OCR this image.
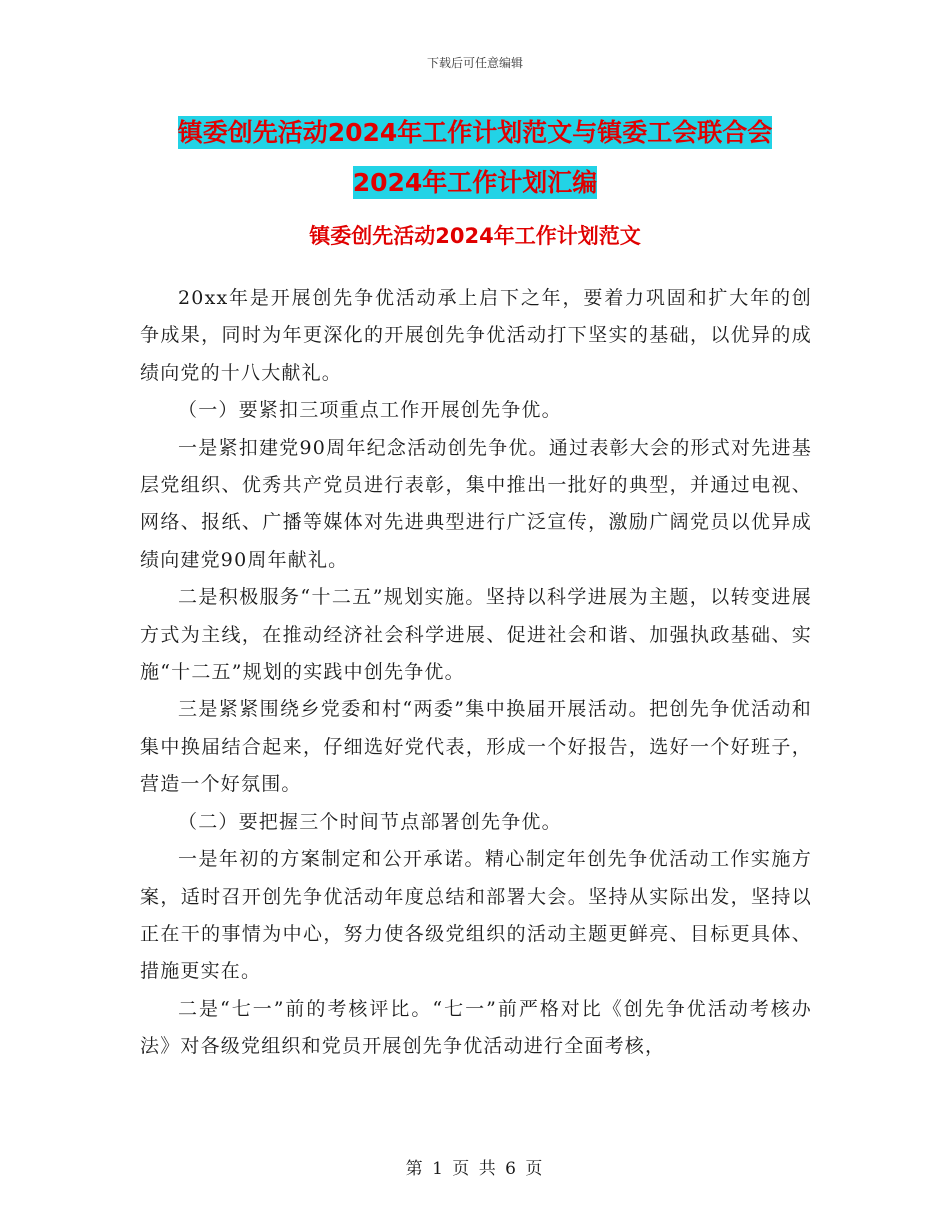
下载后可任意编辑
镇委创先活动2024年工作计划范文与镇委工会联合会
2024年工作计划汇编
镇委创先活动2024年工作计划范文

20xx年是开展创先争优活动承上启下之年，要着力巩固和扩大年的创争成果，同时为年更深化的开展创先争优活动打下坚实的基础，以优异的成绩向党的十八大献礼。

（一）要紧扣三项重点工作开展创先争优。

一是紧扣建党90周年纪念活动创先争优。通过表彰大会的形式对先进基层党组织、优秀共产党员进行表彰，集中推出一批好的典型，并通过电视、网络、报纸、广播等媒体对先进典型进行广泛宣传，激励广阔党员以优异成绩向建党90周年献礼。

二是积极服务“十二五”规划实施。坚持以科学进展为主题，以转变进展方式为主线，在推动经济社会科学进展、促进社会和谐、加强执政基础、实施“十二五”规划的实践中创先争优。

三是紧紧围绕乡党委和村“两委”集中换届开展活动。把创先争优活动和集中换届结合起来，仔细选好党代表，形成一个好报告，选好一个好班子，营造一个好氛围。

（二）要把握三个时间节点部署创先争优。

一是年初的方案制定和公开承诺。精心制定年创先争优活动工作实施方案，适时召开创先争优活动年度总结和部署大会。坚持从实际出发，坚持以正在干的事情为中心，努力使各级党组织的活动主题更鲜亮、目标更具体、措施更实在。

二是“七一”前的考核评比。“七一”前严格对比《创先争优活动考核办法》对各级党组织和党员开展创先争优活动进行全面考核，

第 1 页 共 6 页
